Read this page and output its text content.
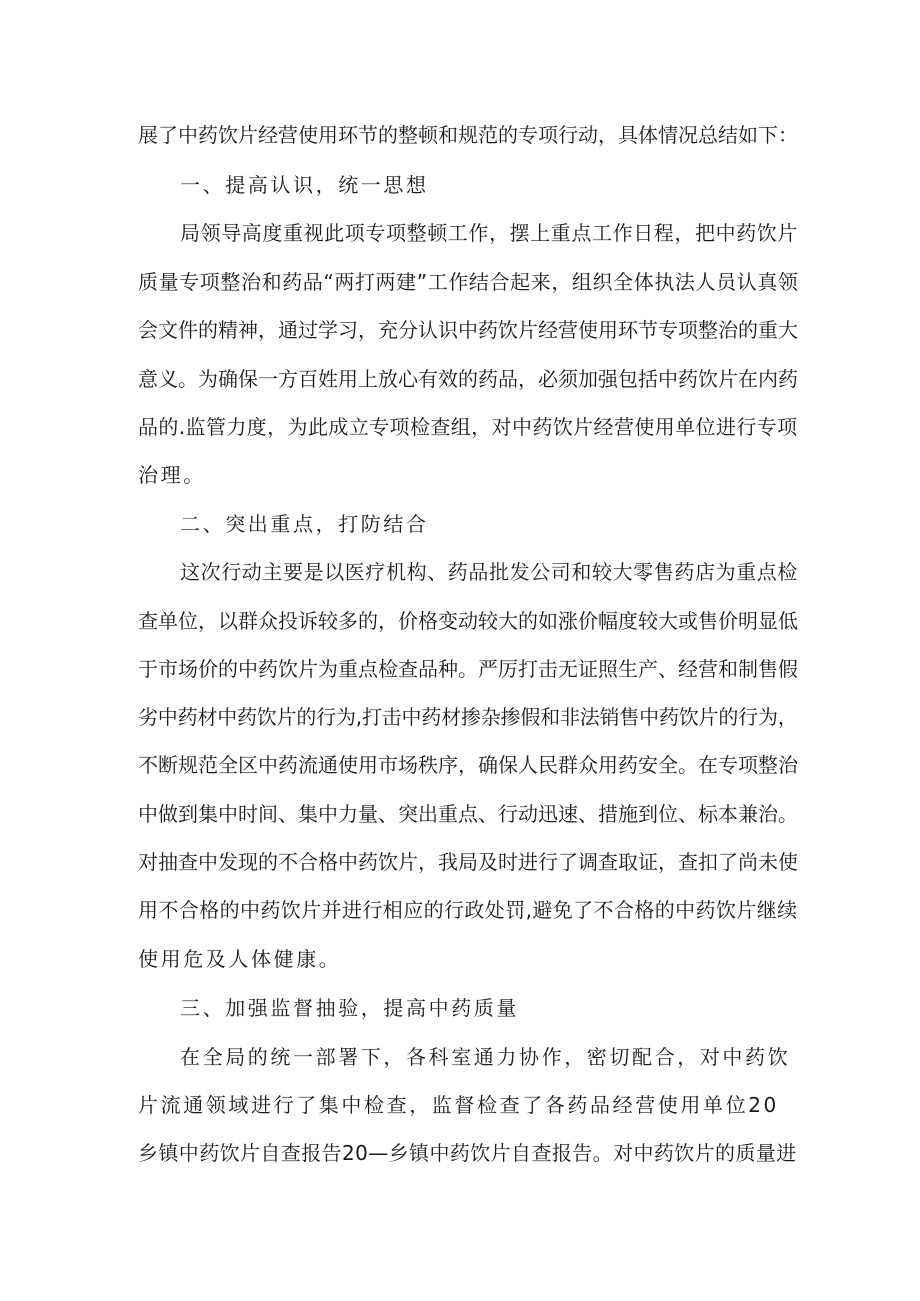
展了中药饮片经营使用环节的整顿和规范的专项行动，具体情况总结如下：
一、提高认识，统一思想
局领导高度重视此项专项整顿工作，摆上重点工作日程，把中药饮片
质量专项整治和药品“两打两建”工作结合起来，组织全体执法人员认真领
会文件的精神，通过学习，充分认识中药饮片经营使用环节专项整治的重大
意义。为确保一方百姓用上放心有效的药品，必须加强包括中药饮片在内药
品的.监管力度，为此成立专项检查组，对中药饮片经营使用单位进行专项
治理。
二、突出重点，打防结合
这次行动主要是以医疗机构、药品批发公司和较大零售药店为重点检
查单位，以群众投诉较多的，价格变动较大的如涨价幅度较大或售价明显低
于市场价的中药饮片为重点检查品种。严厉打击无证照生产、经营和制售假
劣中药材中药饮片的行为,打击中药材掺杂掺假和非法销售中药饮片的行为，
不断规范全区中药流通使用市场秩序，确保人民群众用药安全。在专项整治
中做到集中时间、集中力量、突出重点、行动迅速、措施到位、标本兼治。
对抽查中发现的不合格中药饮片，我局及时进行了调查取证，查扣了尚未使
用不合格的中药饮片并进行相应的行政处罚,避免了不合格的中药饮片继续
使用危及人体健康。
三、加强监督抽验，提高中药质量
在全局的统一部署下，各科室通力协作，密切配合，对中药饮
片流通领域进行了集中检查，监督检查了各药品经营使用单位20
乡镇中药饮片自查报告20—乡镇中药饮片自查报告。对中药饮片的质量进
